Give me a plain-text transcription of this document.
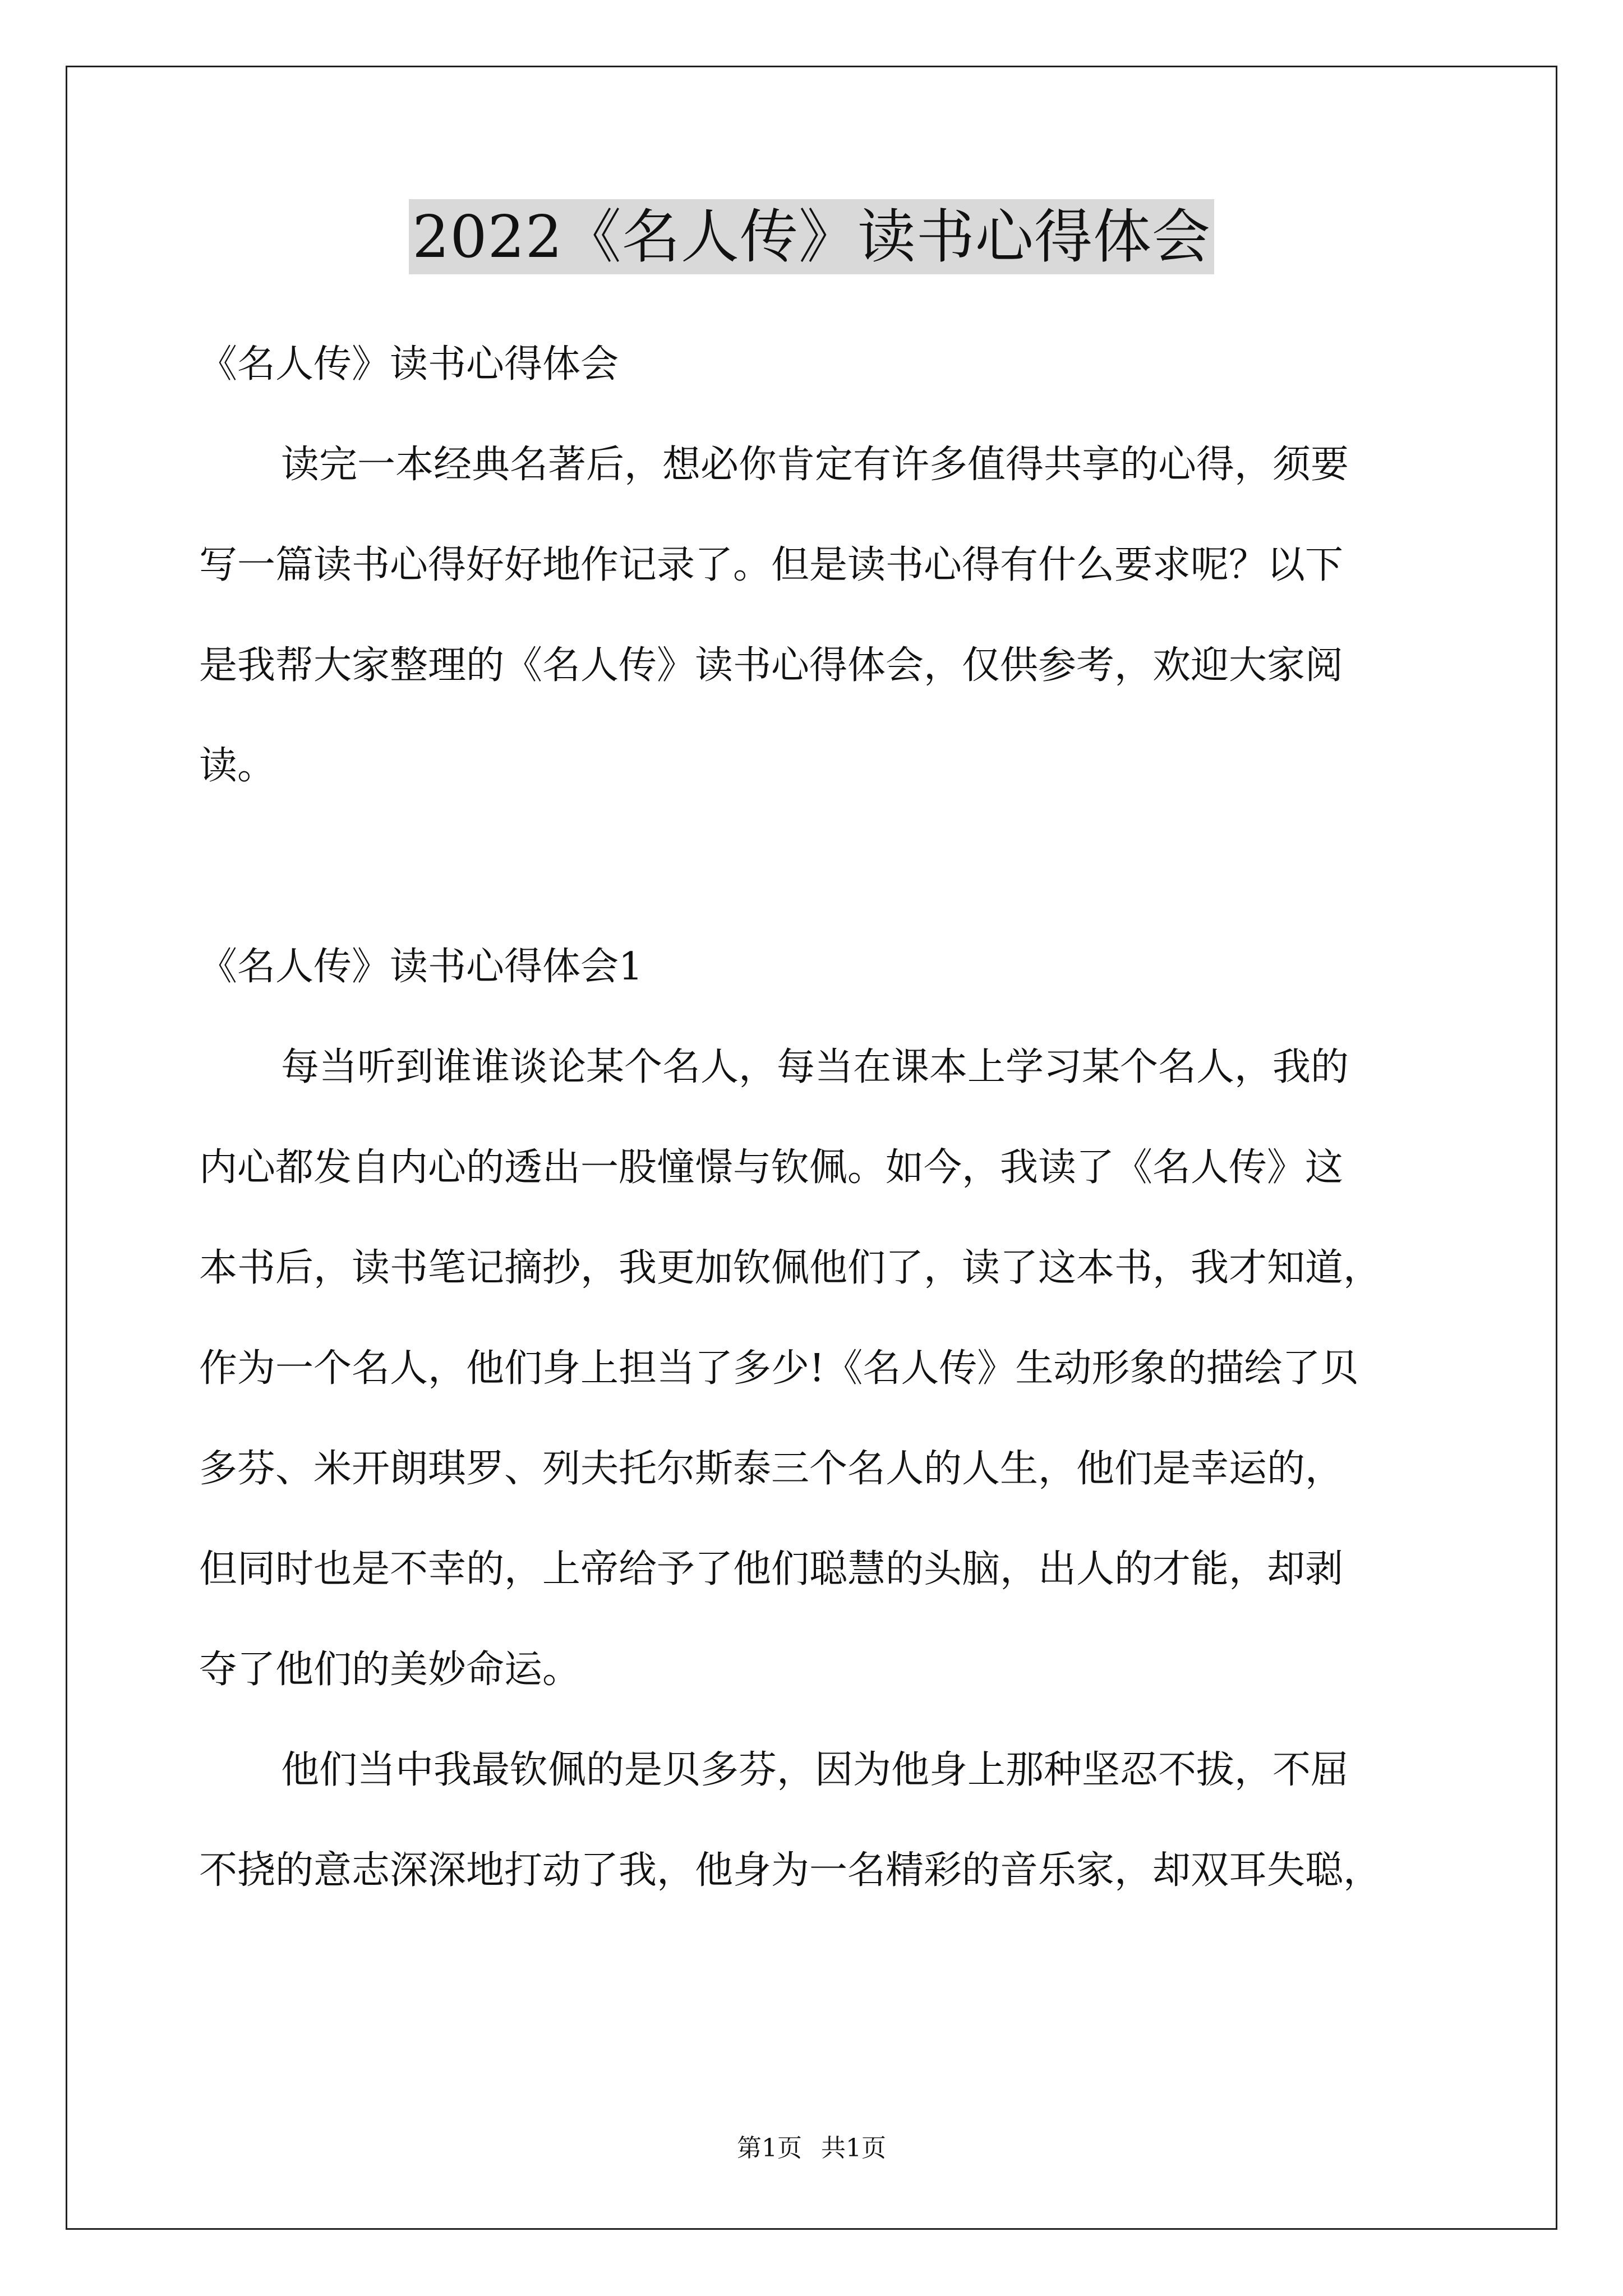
2022《名人传》读书心得体会
《名人传》读书心得体会
读完一本经典名著后，想必你肯定有许多值得共享的心得，须要
写一篇读书心得好好地作记录了。但是读书心得有什么要求呢？以下
是我帮大家整理的《名人传》读书心得体会，仅供参考，欢迎大家阅
读。
《名人传》读书心得体会1
每当听到谁谁谈论某个名人，每当在课本上学习某个名人，我的
内心都发自内心的透出一股憧憬与钦佩。如今，我读了《名人传》这
本书后，读书笔记摘抄，我更加钦佩他们了，读了这本书，我才知道，
作为一个名人，他们身上担当了多少!《名人传》生动形象的描绘了贝
多芬、米开朗琪罗、列夫托尔斯泰三个名人的人生，他们是幸运的，
但同时也是不幸的，上帝给予了他们聪慧的头脑，出人的才能，却剥
夺了他们的美妙命运。
他们当中我最钦佩的是贝多芬，因为他身上那种坚忍不拔，不屈
不挠的意志深深地打动了我，他身为一名精彩的音乐家，却双耳失聪，
第1页 共1页
